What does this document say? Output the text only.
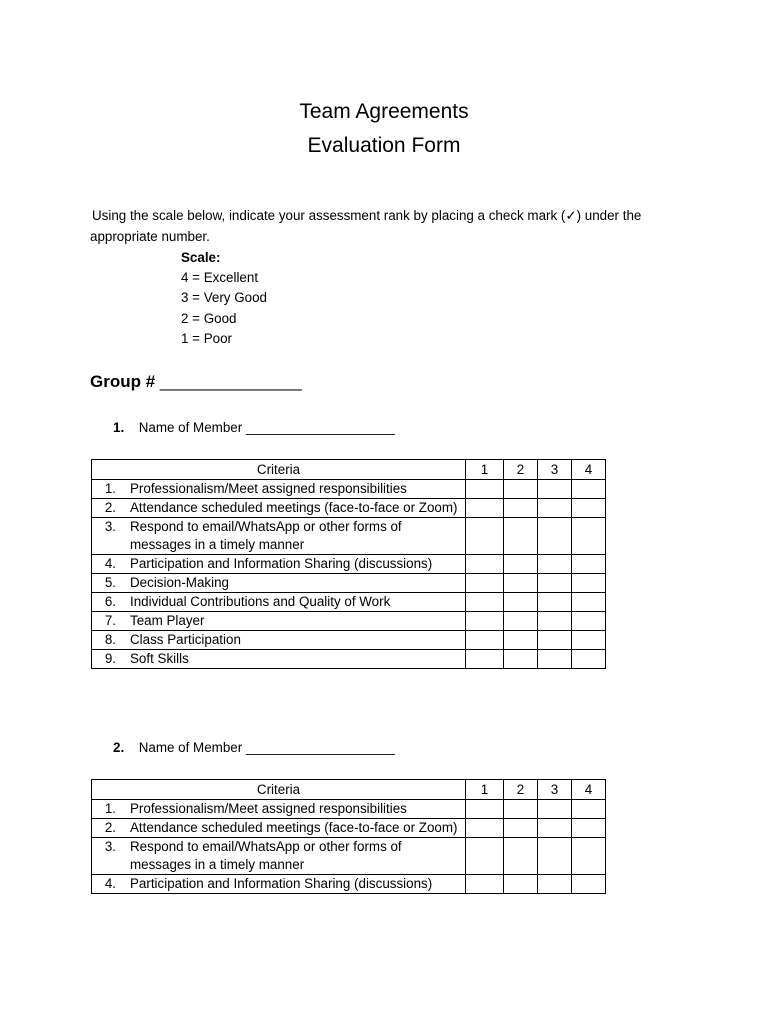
Team Agreements
Evaluation Form
Using the scale below, indicate your assessment rank by placing a check mark (✓) under the
appropriate number.
Scale:
4 = Excellent
3 = Very Good
2 = Good
1 = Poor
Group # _______________
1. Name of Member ____________________
Criteria	1	2	3	4

1. Professionalism/Meet assigned responsibilities				

2. Attendance scheduled meetings (face-to-face or Zoom)				

3. Respond to email/WhatsApp or other forms of messages in a timely manner				

4. Participation and Information Sharing (discussions)				

5. Decision-Making				

6. Individual Contributions and Quality of Work				

7. Team Player				

8. Class Participation				

9. Soft Skills				

2. Name of Member ____________________
Criteria	1	2	3	4

1. Professionalism/Meet assigned responsibilities				

2. Attendance scheduled meetings (face-to-face or Zoom)				

3. Respond to email/WhatsApp or other forms of messages in a timely manner				

4. Participation and Information Sharing (discussions)				
